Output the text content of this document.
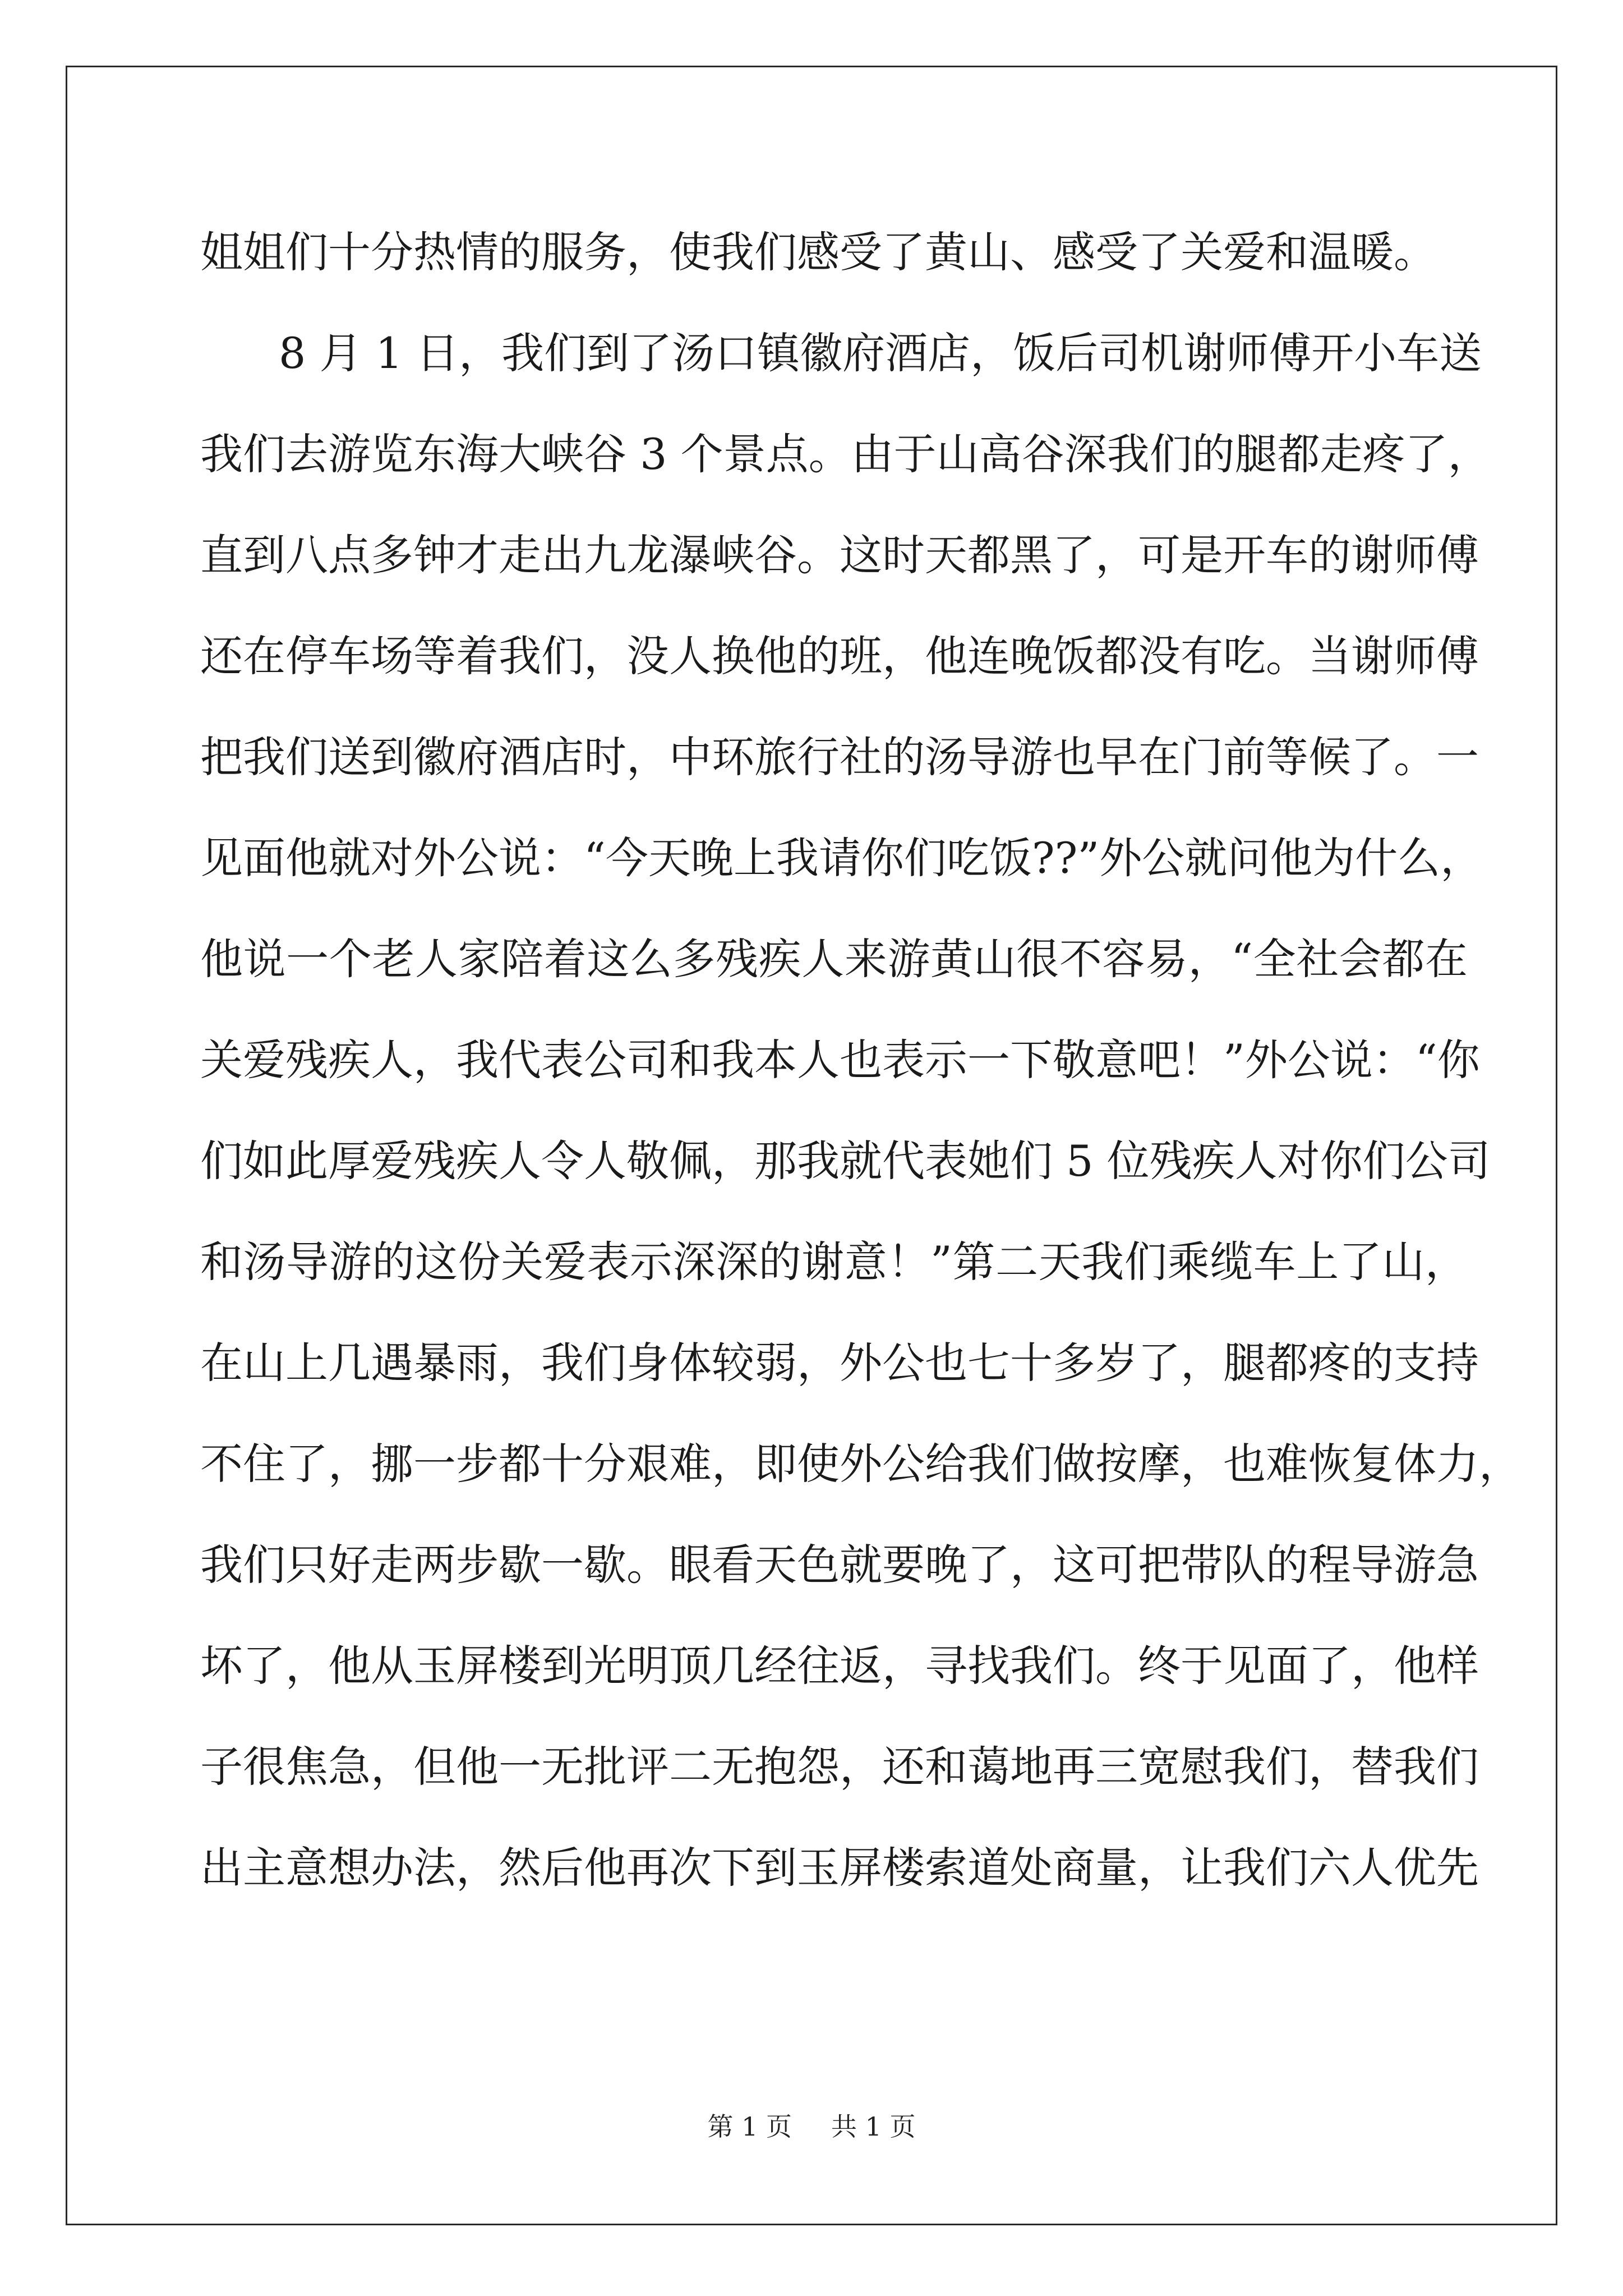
姐姐们十分热情的服务，使我们感受了黄山、感受了关爱和温暖。
8 月 1 日，我们到了汤口镇徽府酒店，饭后司机谢师傅开小车送
我们去游览东海大峡谷 3 个景点。由于山高谷深我们的腿都走疼了，
直到八点多钟才走出九龙瀑峡谷。这时天都黑了，可是开车的谢师傅
还在停车场等着我们，没人换他的班，他连晚饭都没有吃。当谢师傅
把我们送到徽府酒店时，中环旅行社的汤导游也早在门前等候了。一
见面他就对外公说：“今天晚上我请你们吃饭??”外公就问他为什么，
他说一个老人家陪着这么多残疾人来游黄山很不容易，“全社会都在
关爱残疾人，我代表公司和我本人也表示一下敬意吧！”外公说：“你
们如此厚爱残疾人令人敬佩，那我就代表她们 5 位残疾人对你们公司
和汤导游的这份关爱表示深深的谢意！”第二天我们乘缆车上了山，
在山上几遇暴雨，我们身体较弱，外公也七十多岁了，腿都疼的支持
不住了，挪一步都十分艰难，即使外公给我们做按摩，也难恢复体力，
我们只好走两步歇一歇。眼看天色就要晚了，这可把带队的程导游急
坏了，他从玉屏楼到光明顶几经往返，寻找我们。终于见面了，他样
子很焦急，但他一无批评二无抱怨，还和蔼地再三宽慰我们，替我们
出主意想办法，然后他再次下到玉屏楼索道处商量，让我们六人优先
第 1 页 共 1 页
